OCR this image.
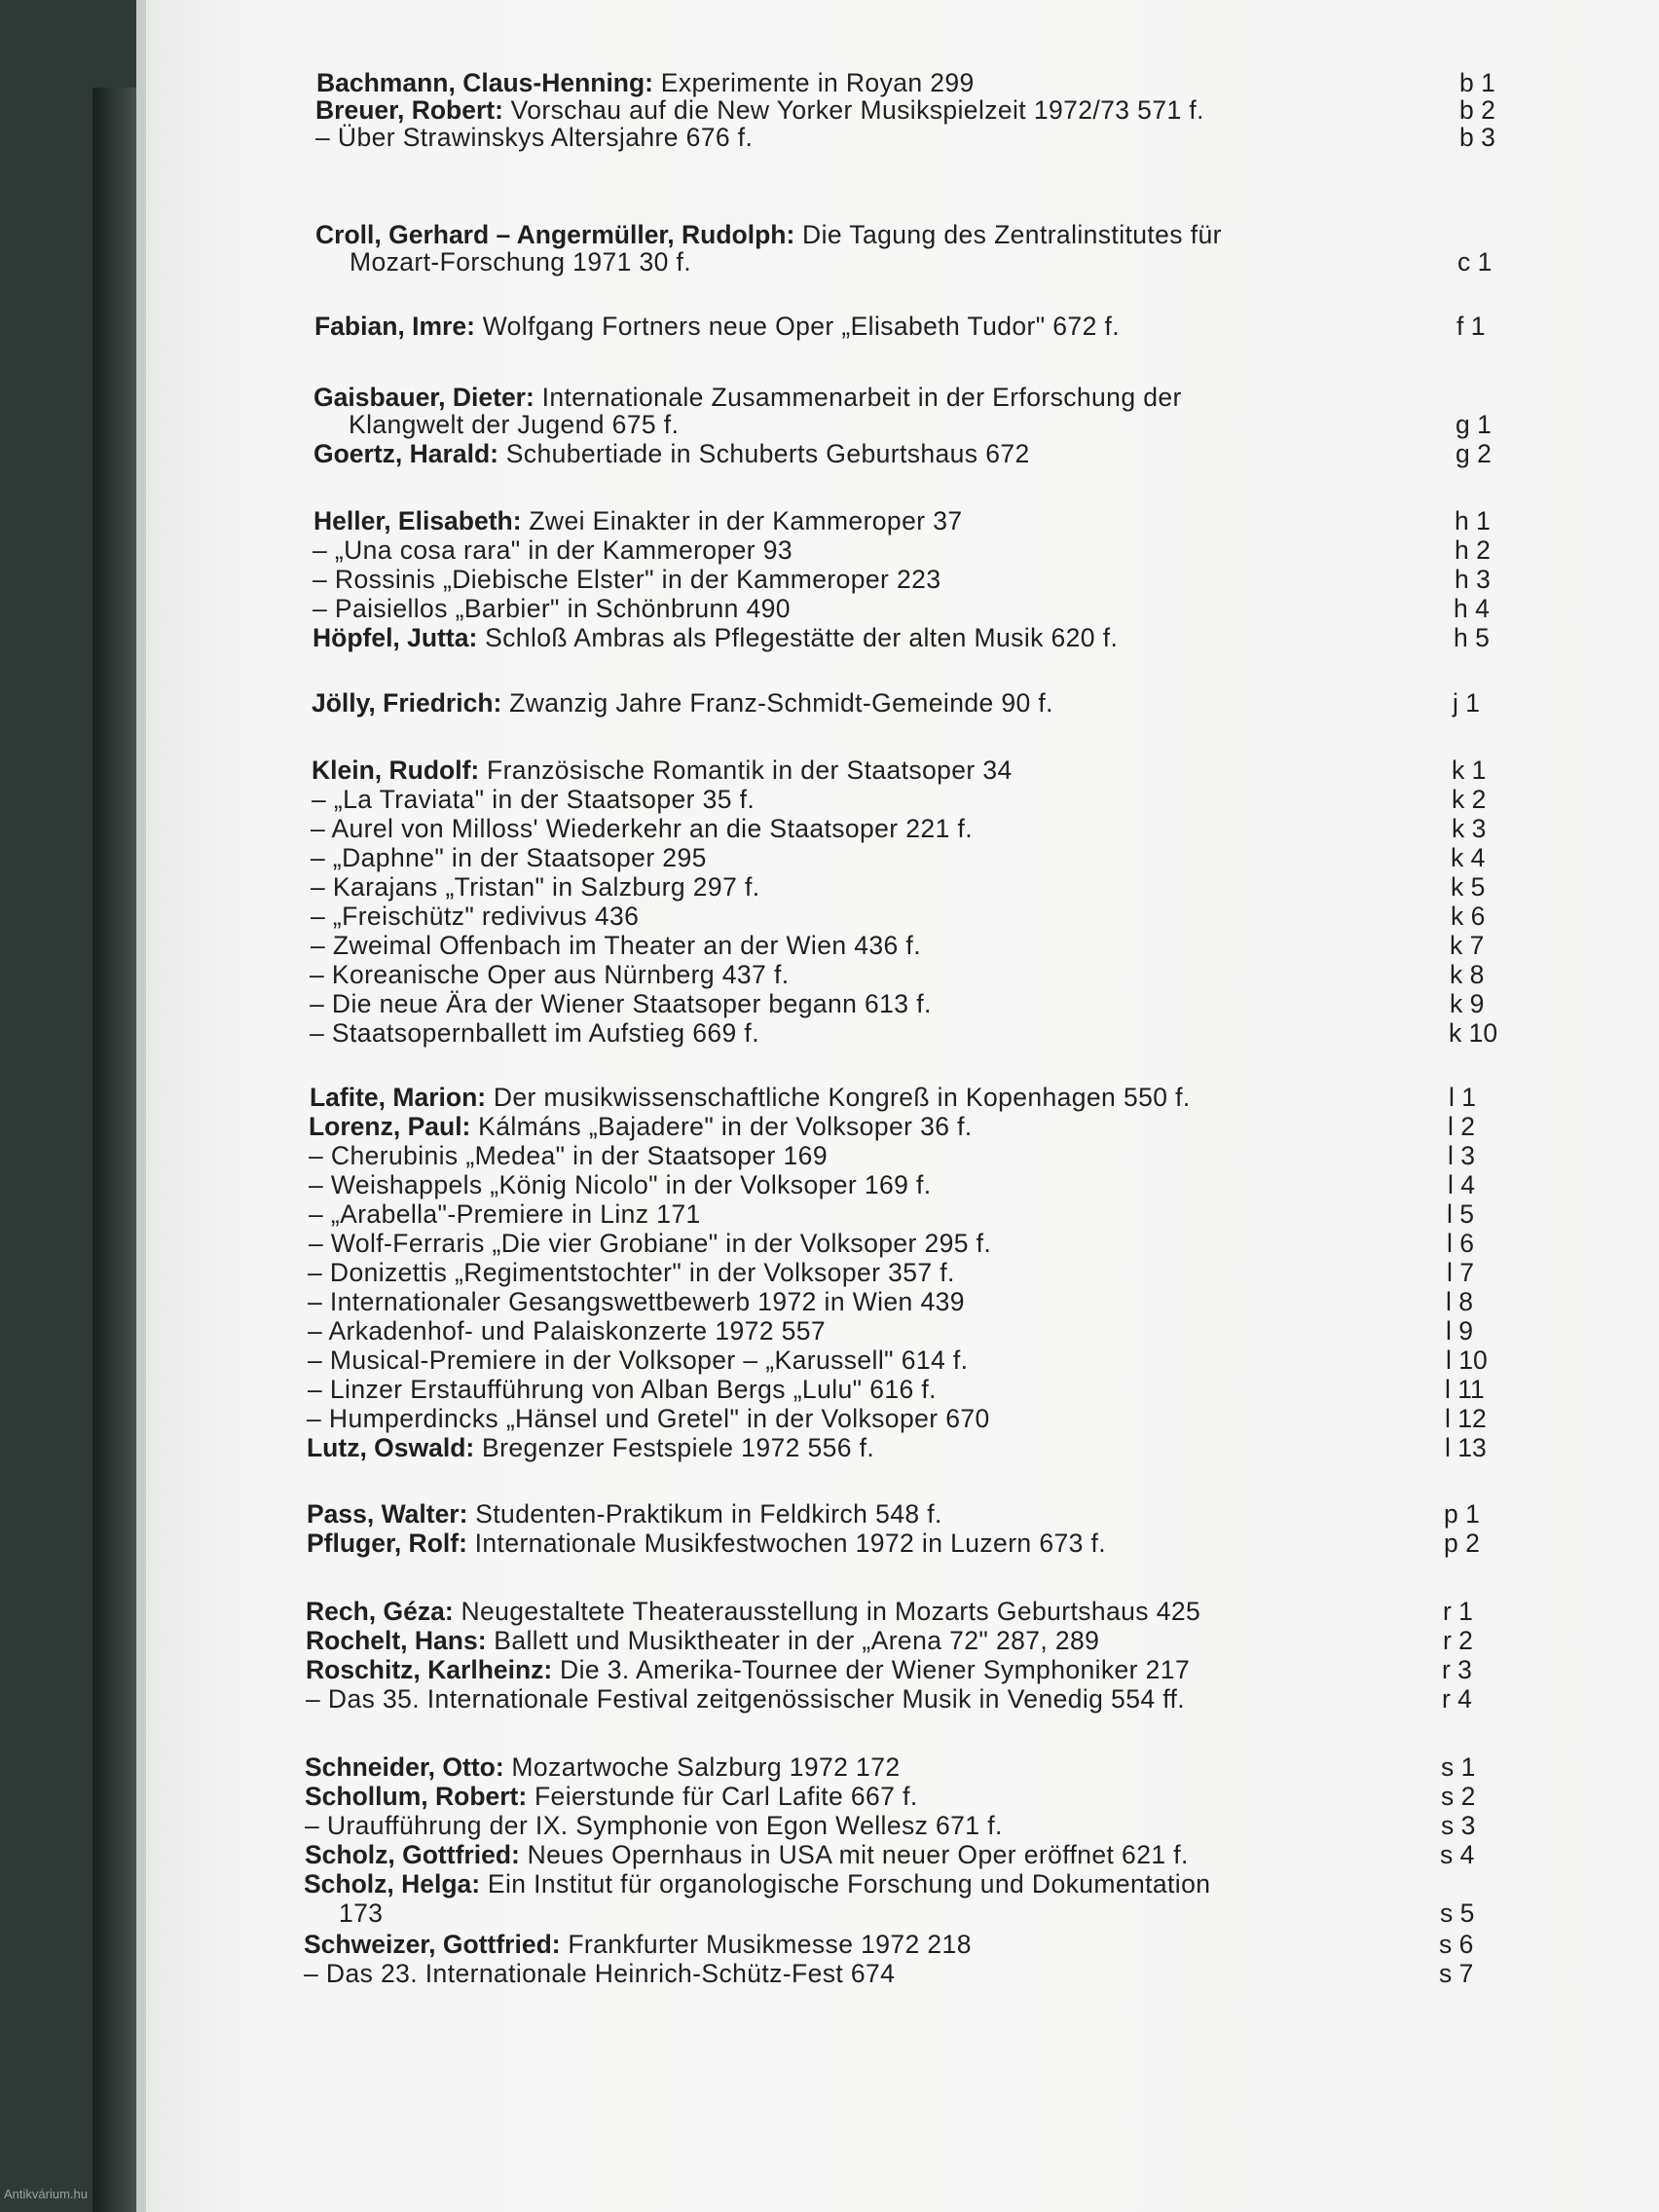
Bachmann, Claus-Henning: Experimente in Royan 299	b 1
Breuer, Robert: Vorschau auf die New Yorker Musikspielzeit 1972/73 571 f.	b 2
– Über Strawinskys Altersjahre 676 f.	b 3
Croll, Gerhard – Angermüller, Rudolph: Die Tagung des Zentralinstitutes für
Mozart-Forschung 1971 30 f.	c 1
Fabian, Imre: Wolfgang Fortners neue Oper „Elisabeth Tudor" 672 f.	f 1
Gaisbauer, Dieter: Internationale Zusammenarbeit in der Erforschung der
Klangwelt der Jugend 675 f.	g 1
Goertz, Harald: Schubertiade in Schuberts Geburtshaus 672	g 2
Heller, Elisabeth: Zwei Einakter in der Kammeroper 37	h 1
– „Una cosa rara" in der Kammeroper 93	h 2
– Rossinis „Diebische Elster" in der Kammeroper 223	h 3
– Paisiellos „Barbier" in Schönbrunn 490	h 4
Höpfel, Jutta: Schloß Ambras als Pflegestätte der alten Musik 620 f.	h 5
Jölly, Friedrich: Zwanzig Jahre Franz-Schmidt-Gemeinde 90 f.	j 1
Klein, Rudolf: Französische Romantik in der Staatsoper 34	k 1
– „La Traviata" in der Staatsoper 35 f.	k 2
– Aurel von Milloss' Wiederkehr an die Staatsoper 221 f.	k 3
– „Daphne" in der Staatsoper 295	k 4
– Karajans „Tristan" in Salzburg 297 f.	k 5
– „Freischütz" redivivus 436	k 6
– Zweimal Offenbach im Theater an der Wien 436 f.	k 7
– Koreanische Oper aus Nürnberg 437 f.	k 8
– Die neue Ära der Wiener Staatsoper begann 613 f.	k 9
– Staatsopernballett im Aufstieg 669 f.	k 10
Lafite, Marion: Der musikwissenschaftliche Kongreß in Kopenhagen 550 f.	l 1
Lorenz, Paul: Kálmáns „Bajadere" in der Volksoper 36 f.	l 2
– Cherubinis „Medea" in der Staatsoper 169	l 3
– Weishappels „König Nicolo" in der Volksoper 169 f.	l 4
– „Arabella"-Premiere in Linz 171	l 5
– Wolf-Ferraris „Die vier Grobiane" in der Volksoper 295 f.	l 6
– Donizettis „Regimentstochter" in der Volksoper 357 f.	l 7
– Internationaler Gesangswettbewerb 1972 in Wien 439	l 8
– Arkadenhof- und Palaiskonzerte 1972 557	l 9
– Musical-Premiere in der Volksoper – „Karussell" 614 f.	l 10
– Linzer Erstaufführung von Alban Bergs „Lulu" 616 f.	l 11
– Humperdincks „Hänsel und Gretel" in der Volksoper 670	l 12
Lutz, Oswald: Bregenzer Festspiele 1972 556 f.	l 13
Pass, Walter: Studenten-Praktikum in Feldkirch 548 f.	p 1
Pfluger, Rolf: Internationale Musikfestwochen 1972 in Luzern 673 f.	p 2
Rech, Géza: Neugestaltete Theaterausstellung in Mozarts Geburtshaus 425	r 1
Rochelt, Hans: Ballett und Musiktheater in der „Arena 72" 287, 289	r 2
Roschitz, Karlheinz: Die 3. Amerika-Tournee der Wiener Symphoniker 217	r 3
– Das 35. Internationale Festival zeitgenössischer Musik in Venedig 554 ff.	r 4
Schneider, Otto: Mozartwoche Salzburg 1972 172	s 1
Schollum, Robert: Feierstunde für Carl Lafite 667 f.	s 2
– Uraufführung der IX. Symphonie von Egon Wellesz 671 f.	s 3
Scholz, Gottfried: Neues Opernhaus in USA mit neuer Oper eröffnet 621 f.	s 4
Scholz, Helga: Ein Institut für organologische Forschung und Dokumentation
173	s 5
Schweizer, Gottfried: Frankfurter Musikmesse 1972 218	s 6
– Das 23. Internationale Heinrich-Schütz-Fest 674	s 7
Antikvárium.hu
